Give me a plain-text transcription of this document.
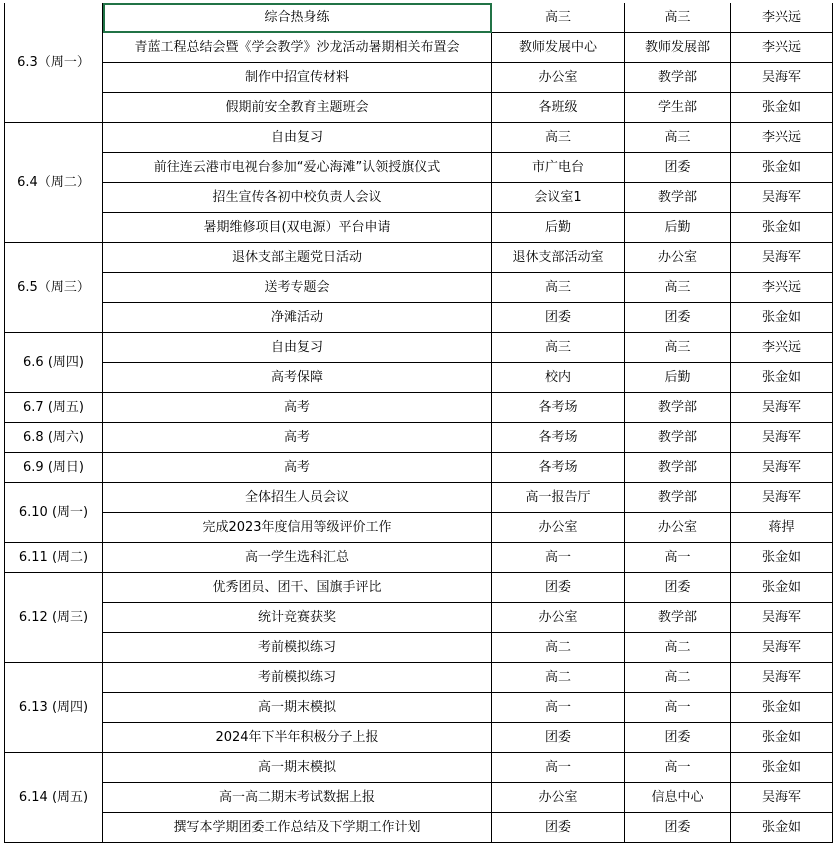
6.3（周一）	综合热身练	高三	高三	李兴远
	青蓝工程总结会暨《学会教学》沙龙活动暑期相关布置会	教师发展中心	教师发展部	李兴远
	制作中招宣传材料	办公室	教学部	吴海军
	假期前安全教育主题班会	各班级	学生部	张金如
6.4（周二）	自由复习	高三	高三	李兴远
	前往连云港市电视台参加“爱心海滩”认领授旗仪式	市广电台	团委	张金如
	招生宣传各初中校负责人会议	会议室1	教学部	吴海军
	暑期维修项目(双电源）平台申请	后勤	后勤	张金如
6.5（周三）	退休支部主题党日活动	退休支部活动室	办公室	吴海军
	送考专题会	高三	高三	李兴远
	净滩活动	团委	团委	张金如
6.6 (周四)	自由复习	高三	高三	李兴远
	高考保障	校内	后勤	张金如
6.7 (周五)	高考	各考场	教学部	吴海军
6.8 (周六)	高考	各考场	教学部	吴海军
6.9 (周日)	高考	各考场	教学部	吴海军
6.10 (周一)	全体招生人员会议	高一报告厅	教学部	吴海军
	完成2023年度信用等级评价工作	办公室	办公室	蒋捍
6.11 (周二)	高一学生选科汇总	高一	高一	张金如
6.12 (周三)	优秀团员、团干、国旗手评比	团委	团委	张金如
	统计竞赛获奖	办公室	教学部	吴海军
	考前模拟练习	高二	高二	吴海军
6.13 (周四)	考前模拟练习	高二	高二	吴海军
	高一期末模拟	高一	高一	张金如
	2024年下半年积极分子上报	团委	团委	张金如
6.14 (周五)	高一期末模拟	高一	高一	张金如
	高一高二期末考试数据上报	办公室	信息中心	吴海军
	撰写本学期团委工作总结及下学期工作计划	团委	团委	张金如
